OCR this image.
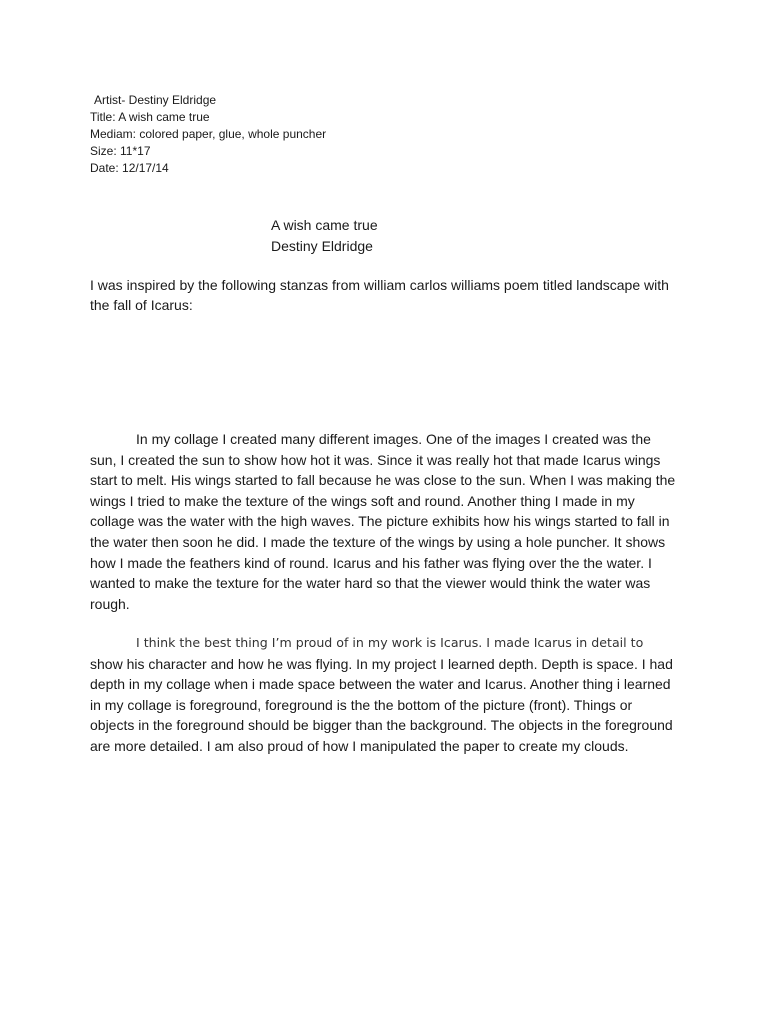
Artist- Destiny Eldridge
Title: A wish came true
Mediam: colored paper, glue, whole puncher
Size: 11*17
Date: 12/17/14
A wish came true
Destiny Eldridge

I was inspired by the following stanzas from william carlos williams poem titled landscape with the fall of Icarus:

In my collage I created many different images. One of the images I created was the sun, I created the sun to show how hot it was. Since it was really hot that made Icarus wings start to melt. His wings started to fall because he was close to the sun. When I was making the wings I tried to make the texture of the wings soft and round. Another thing I made in my collage was the water with the high waves. The picture exhibits how his wings started to fall in the water then soon he did. I made the texture of the wings by using a hole puncher. It shows how I made the feathers kind of round. Icarus and his father was flying over the the water. I wanted to make the texture for the water hard so that the viewer would think the water was rough.

I think the best thing I’m proud of in my work is Icarus. I made Icarus in detail to
show his character and how he was flying. In my project I learned depth. Depth is space. I had depth in my collage when i made space between the water and Icarus. Another thing i learned in my collage is foreground, foreground is the the bottom of the picture (front). Things or objects in the foreground should be bigger than the background. The objects in the foreground are more detailed. I am also proud of how I manipulated the paper to create my clouds.
